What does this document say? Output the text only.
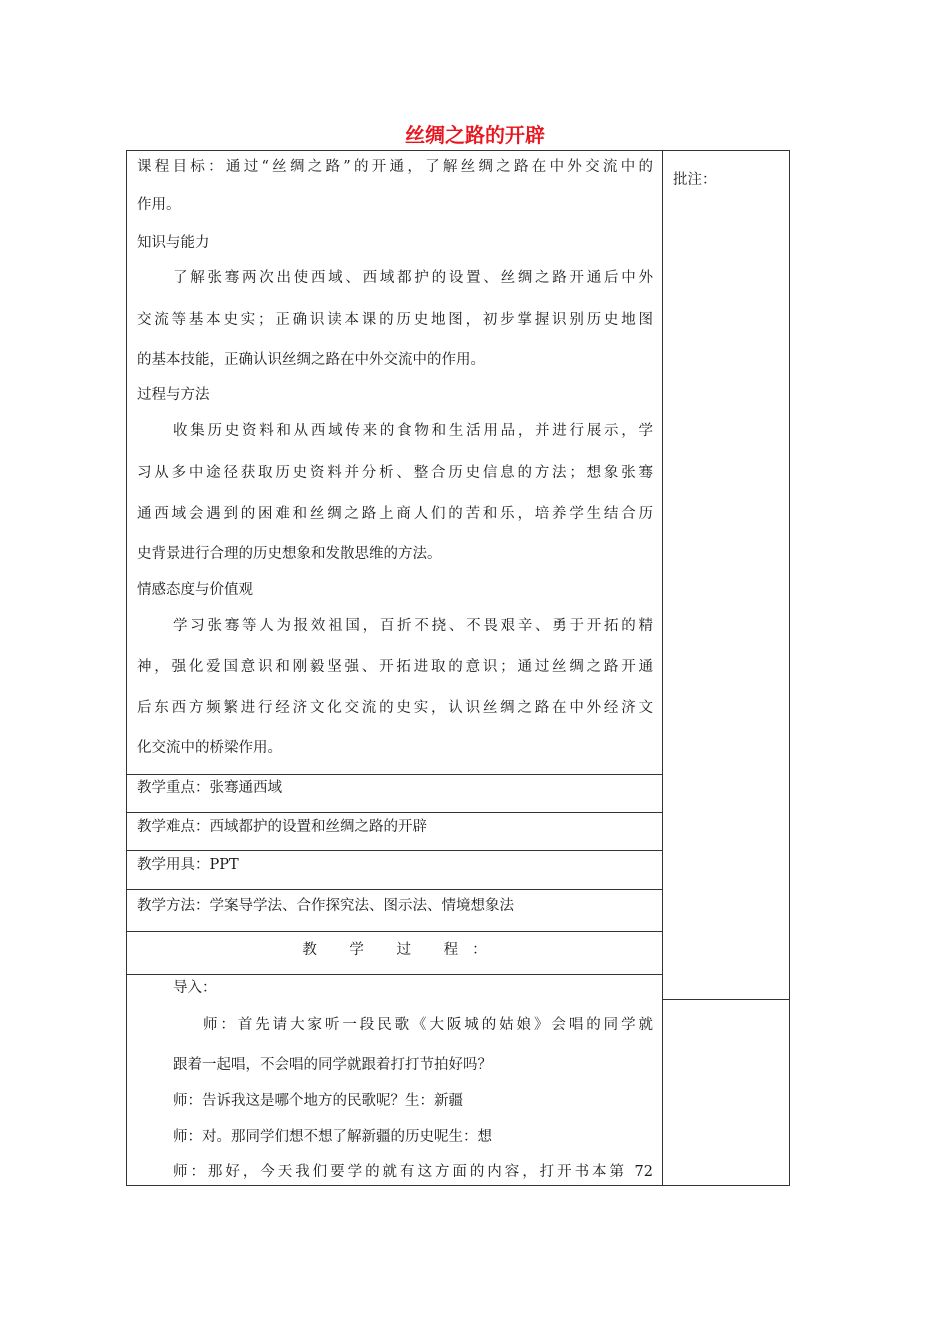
丝绸之路的开辟
课程目标：通过“丝绸之路”的开通，了解丝绸之路在中外交流中的
作用。
知识与能力
了解张骞两次出使西域、西域都护的设置、丝绸之路开通后中外
交流等基本史实；正确识读本课的历史地图，初步掌握识别历史地图
的基本技能，正确认识丝绸之路在中外交流中的作用。
过程与方法
收集历史资料和从西域传来的食物和生活用品，并进行展示，学
习从多中途径获取历史资料并分析、整合历史信息的方法；想象张骞
通西域会遇到的困难和丝绸之路上商人们的苦和乐，培养学生结合历
史背景进行合理的历史想象和发散思维的方法。
情感态度与价值观
学习张骞等人为报效祖国，百折不挠、不畏艰辛、勇于开拓的精
神，强化爱国意识和刚毅坚强、开拓进取的意识；通过丝绸之路开通
后东西方频繁进行经济文化交流的史实，认识丝绸之路在中外经济文
化交流中的桥梁作用。
教学重点：张骞通西域
教学难点：西域都护的设置和丝绸之路的开辟
教学用具：PPT
教学方法：学案导学法、合作探究法、图示法、情境想象法
教 学 过 程：
导入：
师：首先请大家听一段民歌《大阪城的姑娘》会唱的同学就
跟着一起唱，不会唱的同学就跟着打打节拍好吗？
师：告诉我这是哪个地方的民歌呢？生：新疆
师：对。那同学们想不想了解新疆的历史呢生：想
师：那好，今天我们要学的就有这方面的内容，打开书本第 72
批注：
